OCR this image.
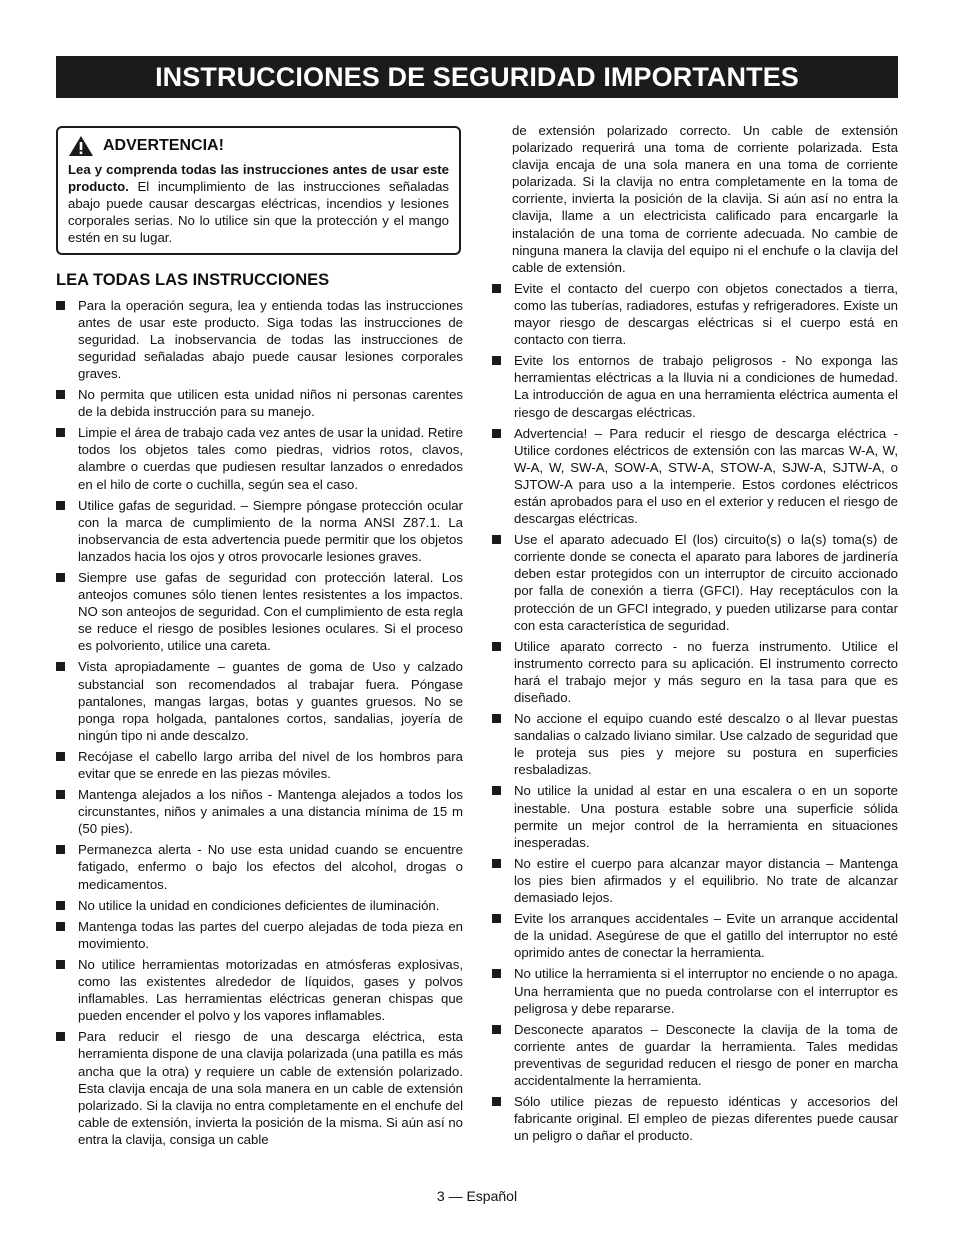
INSTRUCCIONES DE SEGURIDAD IMPORTANTES
ADVERTENCIA!
Lea y comprenda todas las instrucciones antes de usar este producto. El incumplimiento de las instrucciones señaladas abajo puede causar descargas eléctricas, incendios y lesiones corporales serias. No lo utilice sin que la protección y el mango estén en su lugar.
LEA TODAS LAS INSTRUCCIONES
Para la operación segura, lea y entienda todas las instrucciones antes de usar este producto. Siga todas las instrucciones de seguridad. La inobservancia de todas las instrucciones de seguridad señaladas abajo puede causar lesiones corporales graves.
No permita que utilicen esta unidad niños ni personas carentes de la debida instrucción para su manejo.
Limpie el área de trabajo cada vez antes de usar la unidad. Retire todos los objetos tales como piedras, vidrios rotos, clavos, alambre o cuerdas que pudiesen resultar lanzados o enredados en el hilo de corte o cuchilla, según sea el caso.
Utilice gafas de seguridad. – Siempre póngase protección ocular con la marca de cumplimiento de la norma ANSI Z87.1. La inobservancia de esta advertencia puede permitir que los objetos lanzados hacia los ojos y otros provocarle lesiones graves.
Siempre use gafas de seguridad con protección lateral. Los anteojos comunes sólo tienen lentes resistentes a los impactos. NO son anteojos de seguridad. Con el cumplimiento de esta regla se reduce el riesgo de posibles lesiones oculares. Si el proceso es polvoriento, utilice una careta.
Vista apropiadamente – guantes de goma de Uso y calzado substancial son recomendados al trabajar fuera. Póngase pantalones, mangas largas, botas y guantes gruesos. No se ponga ropa holgada, pantalones cortos, sandalias, joyería de ningún tipo ni ande descalzo.
Recójase el cabello largo arriba del nivel de los hombros para evitar que se enrede en las piezas móviles.
Mantenga alejados a los niños - Mantenga alejados a todos los circunstantes, niños y animales a una distancia mínima de 15 m (50 pies).
Permanezca alerta - No use esta unidad cuando se encuentre fatigado, enfermo o bajo los efectos del alcohol, drogas o medicamentos.
No utilice la unidad en condiciones deficientes de iluminación.
Mantenga todas las partes del cuerpo alejadas de toda pieza en movimiento.
No utilice herramientas motorizadas en atmósferas explosivas, como las existentes alrededor de líquidos, gases y polvos inflamables. Las herramientas eléctricas generan chispas que pueden encender el polvo y los vapores inflamables.
Para reducir el riesgo de una descarga eléctrica, esta herramienta dispone de una clavija polarizada (una patilla es más ancha que la otra) y requiere un cable de extensión polarizado. Esta clavija encaja de una sola manera en un cable de extensión polarizado. Si la clavija no entra completamente en el enchufe del cable de extensión, invierta la posición de la misma. Si aún así no entra la clavija, consiga un cable
de extensión polarizado correcto. Un cable de extensión polarizado requerirá una toma de corriente polarizada. Esta clavija encaja de una sola manera en una toma de corriente polarizada. Si la clavija no entra completamente en la toma de corriente, invierta la posición de la clavija. Si aún así no entra la clavija, llame a un electricista calificado para encargarle la instalación de una toma de corriente adecuada. No cambie de ninguna manera la clavija del equipo ni el enchufe o la clavija del cable de extensión.
Evite el contacto del cuerpo con objetos conectados a tierra, como las tuberías, radiadores, estufas y refrigeradores. Existe un mayor riesgo de descargas eléctricas si el cuerpo está en contacto con tierra.
Evite los entornos de trabajo peligrosos - No exponga las herramientas eléctricas a la lluvia ni a condiciones de humedad. La introducción de agua en una herramienta eléctrica aumenta el riesgo de descargas eléctricas.
Advertencia! – Para reducir el riesgo de descarga eléctrica - Utilice cordones eléctricos de extensión con las marcas W-A, W, W-A, W, SW-A, SOW-A, STW-A, STOW-A, SJW-A, SJTW-A, o SJTOW-A para uso a la intemperie. Estos cordones eléctricos están aprobados para el uso en el exterior y reducen el riesgo de descargas eléctricas.
Use el aparato adecuado El (los) circuito(s) o la(s) toma(s) de corriente donde se conecta el aparato para labores de jardinería deben estar protegidos con un interruptor de circuito accionado por falla de conexión a tierra (GFCI). Hay receptáculos con la protección de un GFCI integrado, y pueden utilizarse para contar con esta característica de seguridad.
Utilice aparato correcto - no fuerza instrumento. Utilice el instrumento correcto para su aplicación. El instrumento correcto hará el trabajo mejor y más seguro en la tasa para que es diseñado.
No accione el equipo cuando esté descalzo o al llevar puestas sandalias o calzado liviano similar. Use calzado de seguridad que le proteja sus pies y mejore su postura en superficies resbaladizas.
No utilice la unidad al estar en una escalera o en un soporte inestable. Una postura estable sobre una superficie sólida permite un mejor control de la herramienta en situaciones inesperadas.
No estire el cuerpo para alcanzar mayor distancia – Mantenga los pies bien afirmados y el equilibrio. No trate de alcanzar demasiado lejos.
Evite los arranques accidentales – Evite un arranque accidental de la unidad. Asegúrese de que el gatillo del interruptor no esté oprimido antes de conectar la herramienta.
No utilice la herramienta si el interruptor no enciende o no apaga. Una herramienta que no pueda controlarse con el interruptor es peligrosa y debe repararse.
Desconecte aparatos – Desconecte la clavija de la toma de corriente antes de guardar la herramienta. Tales medidas preventivas de seguridad reducen el riesgo de poner en marcha accidentalmente la herramienta.
Sólo utilice piezas de repuesto idénticas y accesorios del fabricante original. El empleo de piezas diferentes puede causar un peligro o dañar el producto.
3 — Español
